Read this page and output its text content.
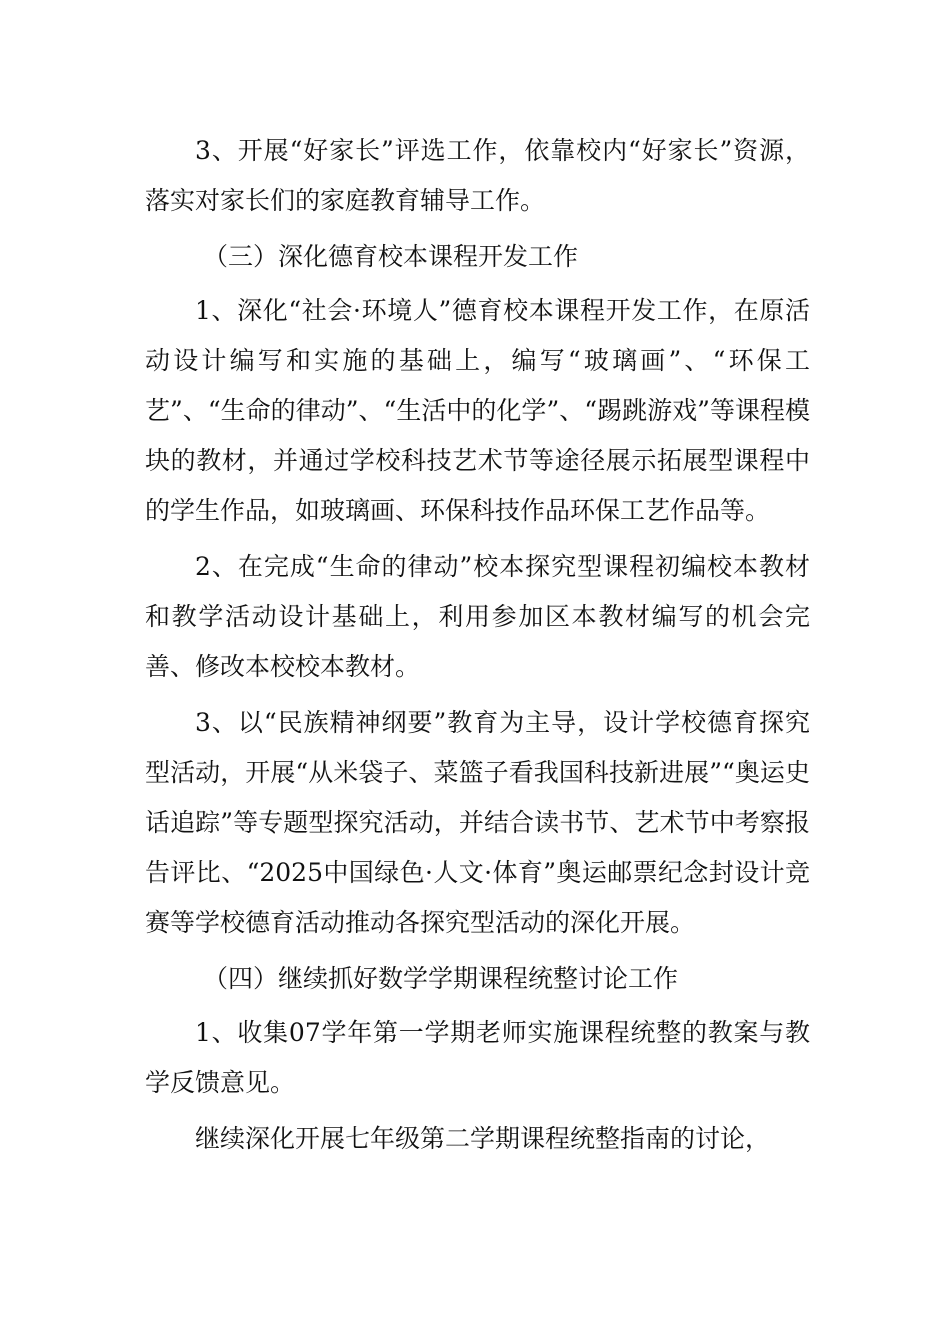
3、开展“好家长”评选工作，依靠校内“好家长”资源，落实对家长们的家庭教育辅导工作。

（三）深化德育校本课程开发工作

1、深化“社会·环境人”德育校本课程开发工作，在原活动设计编写和实施的基础上，编写“玻璃画”、“环保工艺”、“生命的律动”、“生活中的化学”、“踢跳游戏”等课程模块的教材，并通过学校科技艺术节等途径展示拓展型课程中的学生作品，如玻璃画、环保科技作品环保工艺作品等。

2、在完成“生命的律动”校本探究型课程初编校本教材和教学活动设计基础上，利用参加区本教材编写的机会完善、修改本校校本教材。

3、以“民族精神纲要”教育为主导，设计学校德育探究型活动，开展“从米袋子、菜篮子看我国科技新进展”“奥运史话追踪”等专题型探究活动，并结合读书节、艺术节中考察报告评比、“2025中国绿色·人文·体育”奥运邮票纪念封设计竞赛等学校德育活动推动各探究型活动的深化开展。

（四）继续抓好数学学期课程统整讨论工作

1、收集07学年第一学期老师实施课程统整的教案与教学反馈意见。

继续深化开展七年级第二学期课程统整指南的讨论，
